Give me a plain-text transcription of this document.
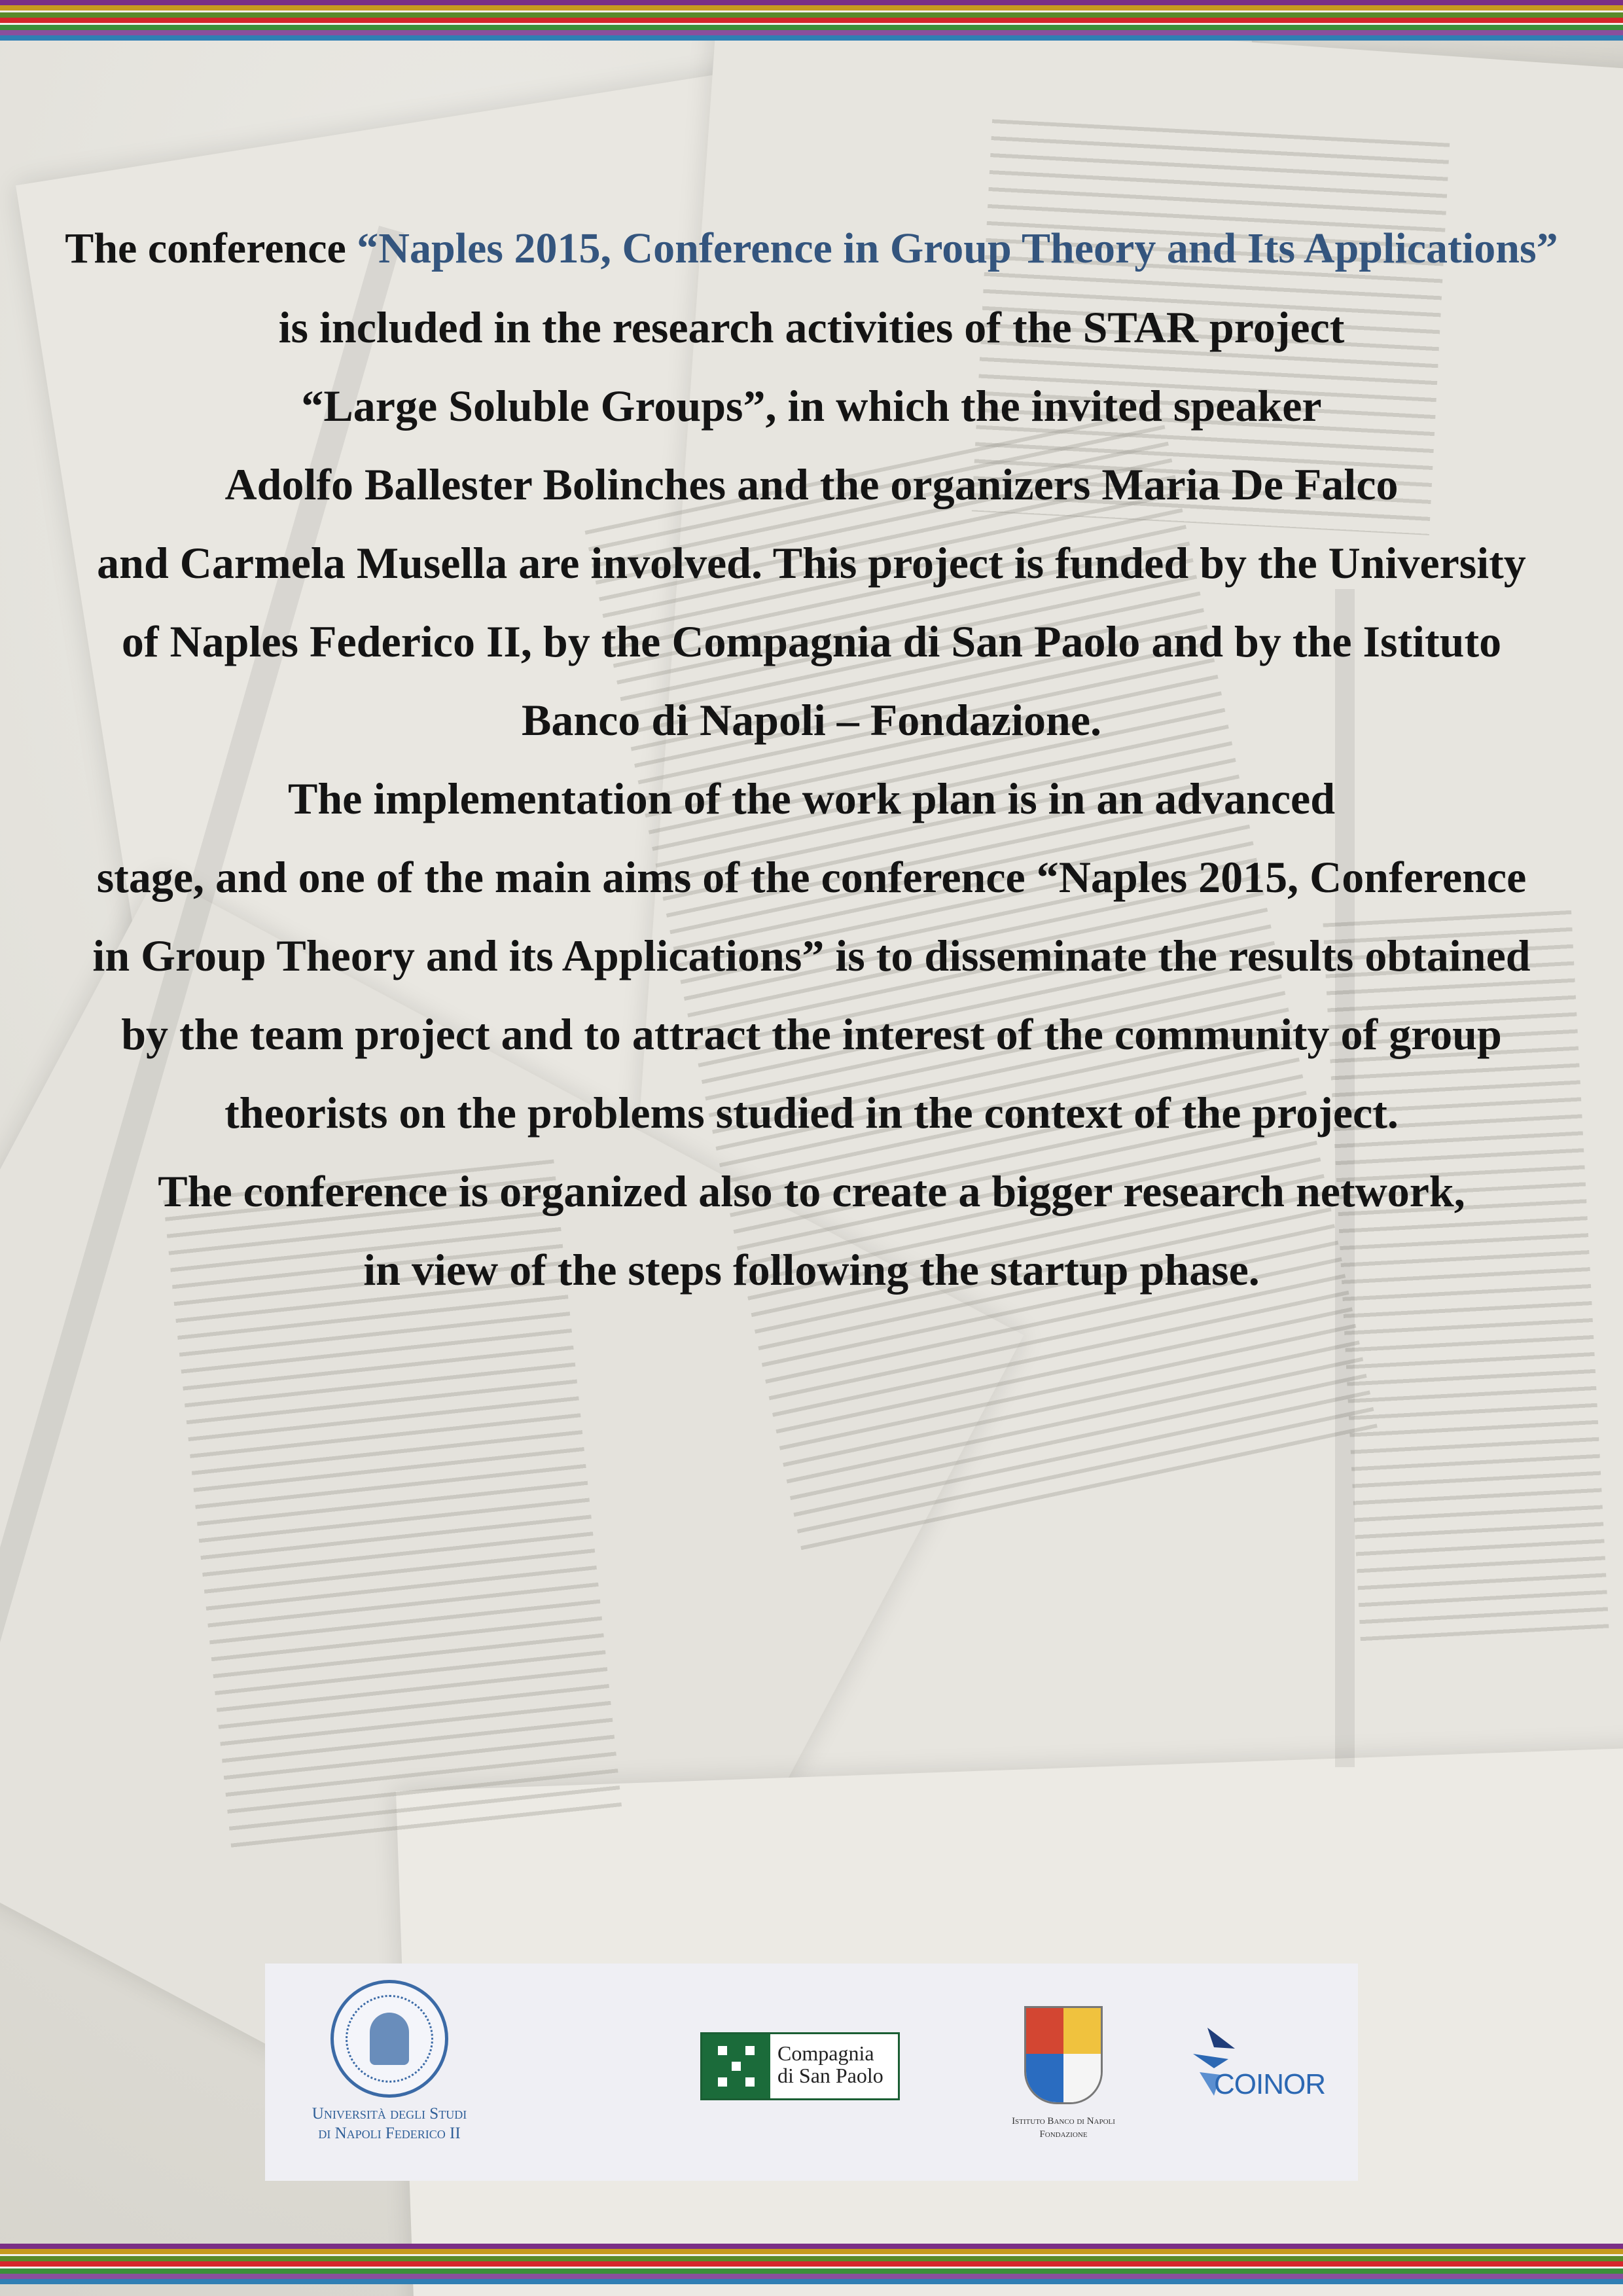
The conference “Naples 2015, Conference in Group Theory and Its Applications”
is included in the research activities of the STAR project
“Large Soluble Groups”, in which the invited speaker
Adolfo Ballester Bolinches and the organizers Maria De Falco
and Carmela Musella are involved. This project is funded by the University
of Naples Federico II, by the Compagnia di San Paolo and by the Istituto
Banco di Napoli – Fondazione.
The implementation of the work plan is in an advanced
stage, and one of the main aims of the conference “Naples 2015, Conference
in Group Theory and its Applications” is to disseminate the results obtained
by the team project and to attract the interest of the community of group
theorists on the problems studied in the context of the project.
The conference is organized also to create a bigger research network,
in view of the steps following the startup phase.
Università degli Studi
di Napoli Federico II
Compagnia
di San Paolo
Istituto Banco di Napoli
Fondazione
COINOR
